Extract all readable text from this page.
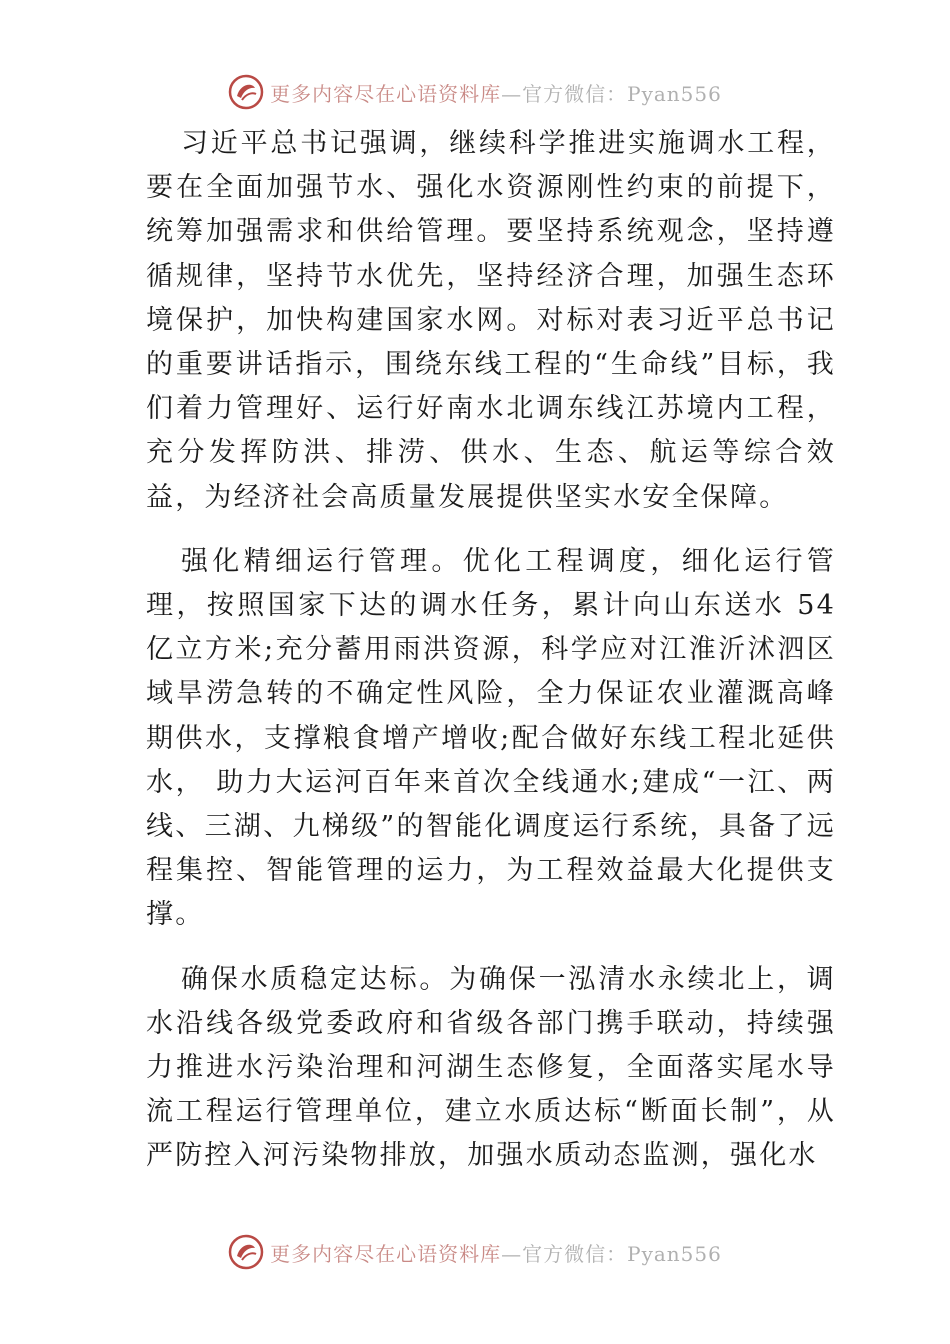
更多内容尽在心语资料库—官方微信：Pyan556

习近平总书记强调，继续科学推进实施调水工程，要在全面加强节水、强化水资源刚性约束的前提下，统筹加强需求和供给管理。要坚持系统观念，坚持遵循规律，坚持节水优先，坚持经济合理，加强生态环境保护，加快构建国家水网。对标对表习近平总书记的重要讲话指示，围绕东线工程的“生命线”目标，我们着力管理好、运行好南水北调东线江苏境内工程，充分发挥防洪、排涝、供水、生态、航运等综合效益，为经济社会高质量发展提供坚实水安全保障。

强化精细运行管理。优化工程调度，细化运行管理，按照国家下达的调水任务，累计向山东送水 54 亿立方米;充分蓄用雨洪资源，科学应对江淮沂沭泗区域旱涝急转的不确定性风险，全力保证农业灌溉高峰期供水，支撑粮食增产增收;配合做好东线工程北延供水， 助力大运河百年来首次全线通水;建成“一江、两线、三湖、九梯级”的智能化调度运行系统，具备了远程集控、智能管理的运力，为工程效益最大化提供支撑。

确保水质稳定达标。为确保一泓清水永续北上，调水沿线各级党委政府和省级各部门携手联动，持续强力推进水污染治理和河湖生态修复，全面落实尾水导流工程运行管理单位，建立水质达标“断面长制”，从严防控入河污染物排放，加强水质动态监测，强化水

更多内容尽在心语资料库—官方微信：Pyan556
